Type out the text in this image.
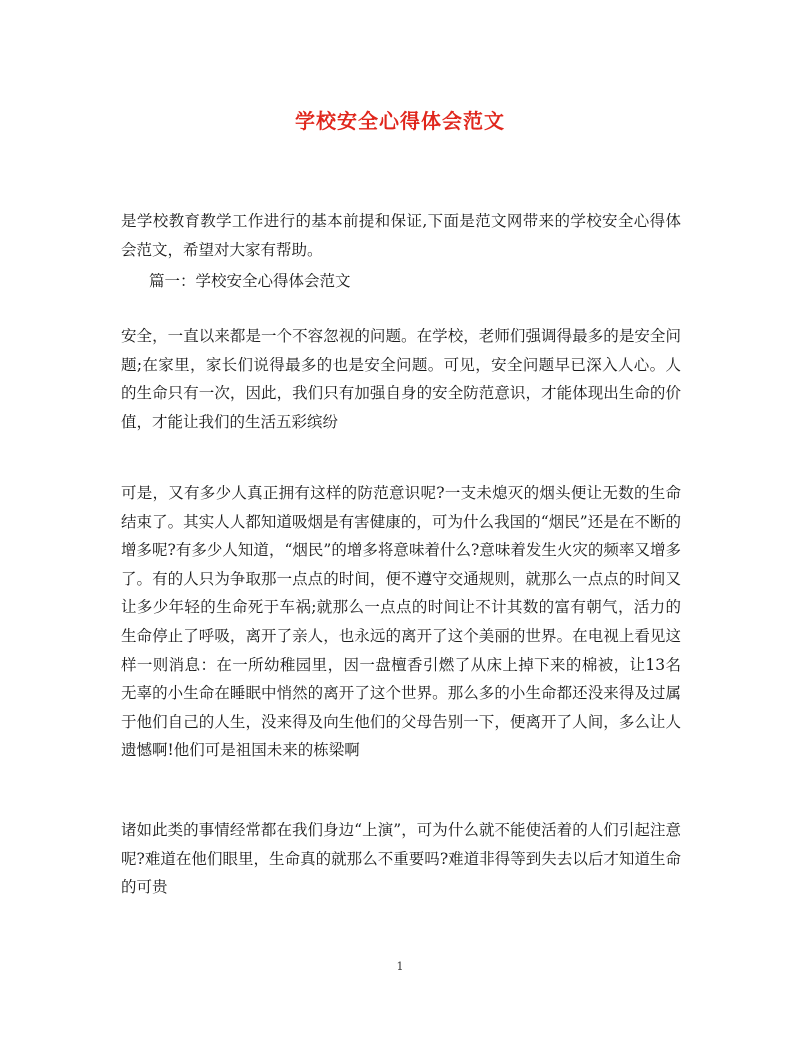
学校安全心得体会范文

是学校教育教学工作进行的基本前提和保证,下面是范文网带来的学校安全心得体会范文，希望对大家有帮助。

篇一：学校安全心得体会范文

安全，一直以来都是一个不容忽视的问题。在学校，老师们强调得最多的是安全问题;在家里，家长们说得最多的也是安全问题。可见，安全问题早已深入人心。人的生命只有一次，因此，我们只有加强自身的安全防范意识，才能体现出生命的价值，才能让我们的生活五彩缤纷

可是，又有多少人真正拥有这样的防范意识呢?一支未熄灭的烟头便让无数的生命结束了。其实人人都知道吸烟是有害健康的，可为什么我国的“烟民”还是在不断的增多呢?有多少人知道，“烟民”的增多将意味着什么?意味着发生火灾的频率又增多了。有的人只为争取那一点点的时间，便不遵守交通规则，就那么一点点的时间又让多少年轻的生命死于车祸;就那么一点点的时间让不计其数的富有朝气，活力的生命停止了呼吸，离开了亲人，也永远的离开了这个美丽的世界。在电视上看见这样一则消息：在一所幼稚园里，因一盘檀香引燃了从床上掉下来的棉被，让13名无辜的小生命在睡眠中悄然的离开了这个世界。那么多的小生命都还没来得及过属于他们自己的人生，没来得及向生他们的父母告别一下，便离开了人间，多么让人遗憾啊!他们可是祖国未来的栋梁啊

诸如此类的事情经常都在我们身边“上演”，可为什么就不能使活着的人们引起注意呢?难道在他们眼里，生命真的就那么不重要吗?难道非得等到失去以后才知道生命的可贵

1
